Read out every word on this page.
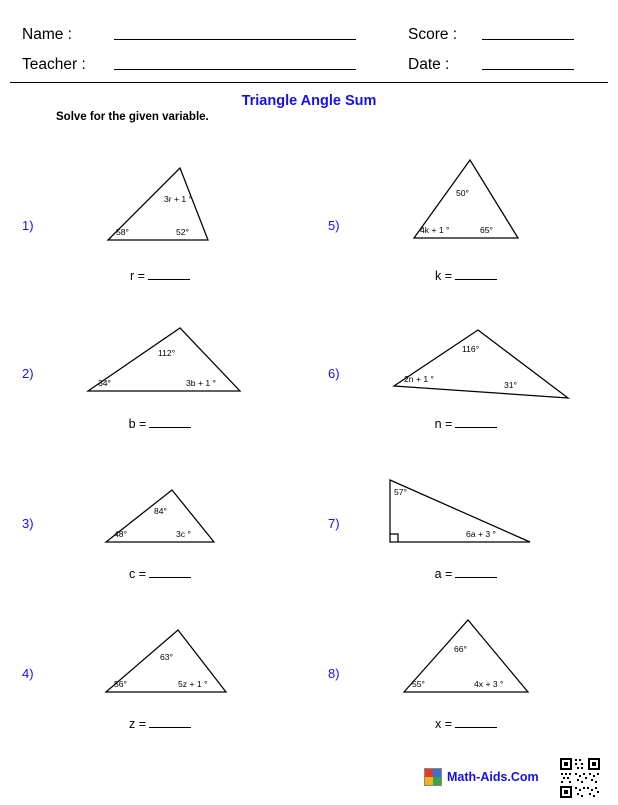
Name :	Score :
Teacher :	Date :
Triangle Angle Sum
Solve for the given variable.
1)
3r + 1 °
58°	52°
r =
2)
112°
34°	3b + 1 °
b =
3)
84°
48°	3c °
c =
4)
63°
56°	5z + 1 °
z =
5)
50°
4k + 1 °	65°
k =
6)
116°
2n + 1 °
31°
n =
7)
57°
6a + 3 °
a =
8)
66°
55°	4x + 3 °
x =
Math-Aids.Com
